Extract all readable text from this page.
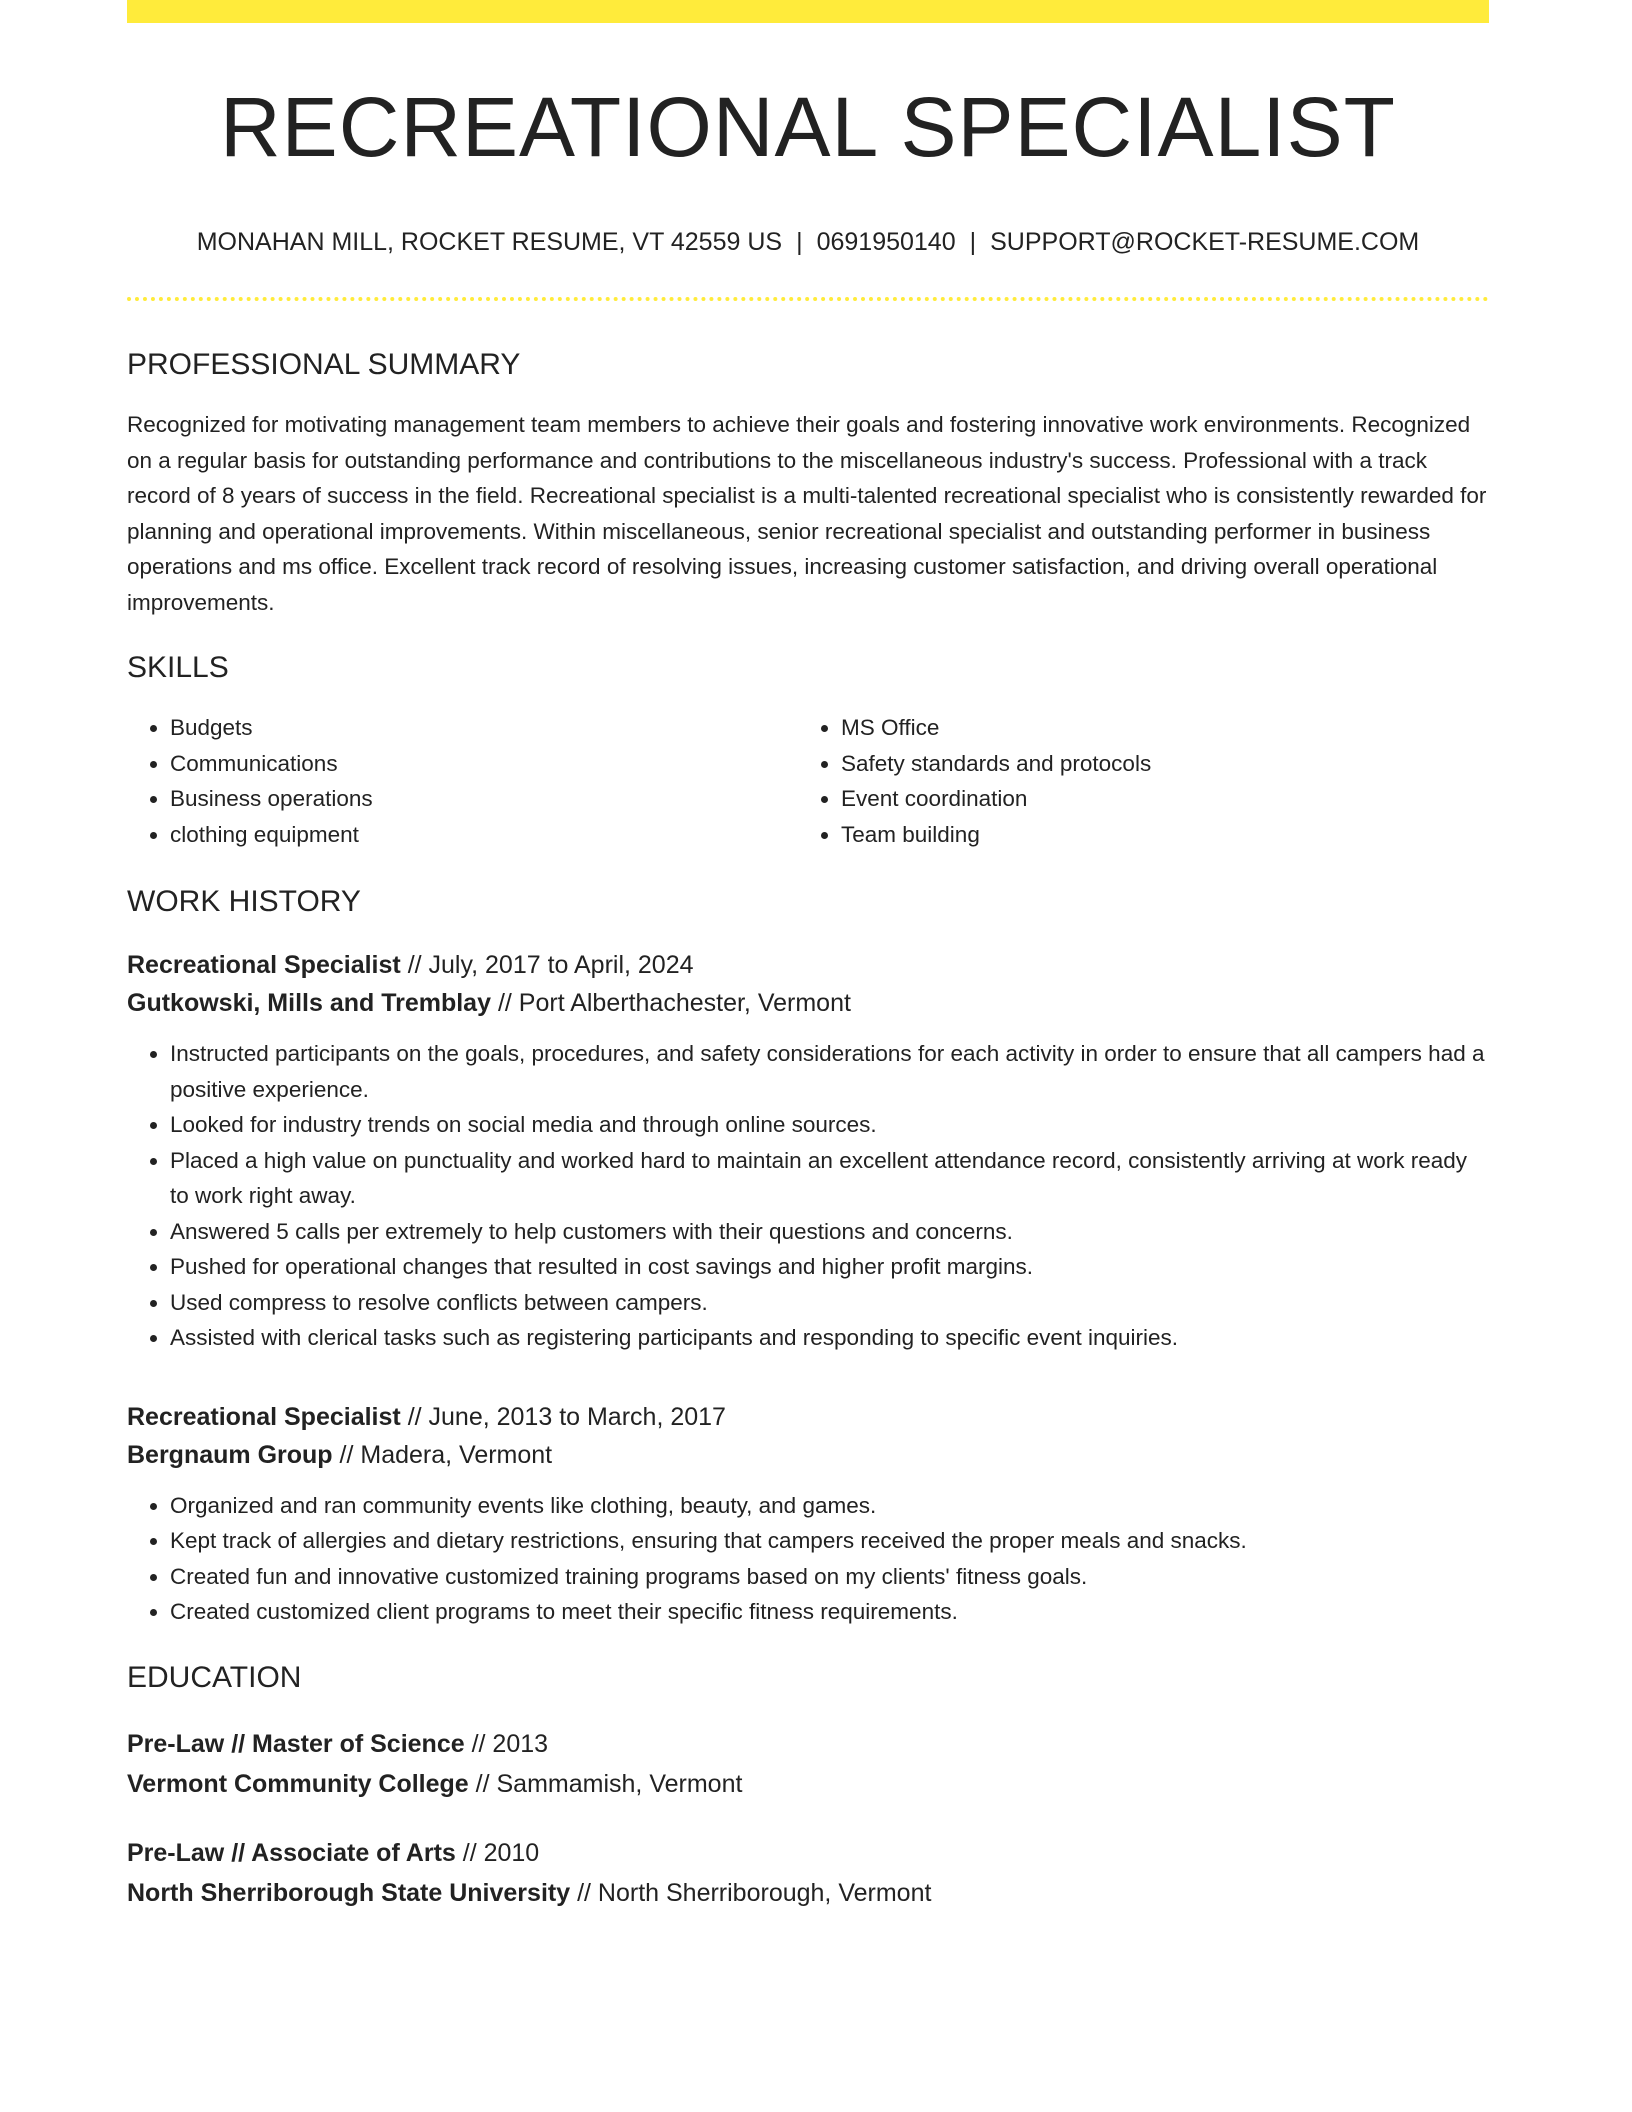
RECREATIONAL SPECIALIST
MONAHAN MILL, ROCKET RESUME, VT 42559 US | 0691950140 | SUPPORT@ROCKET-RESUME.COM
PROFESSIONAL SUMMARY
Recognized for motivating management team members to achieve their goals and fostering innovative work environments. Recognized on a regular basis for outstanding performance and contributions to the miscellaneous industry's success. Professional with a track record of 8 years of success in the field. Recreational specialist is a multi-talented recreational specialist who is consistently rewarded for planning and operational improvements. Within miscellaneous, senior recreational specialist and outstanding performer in business operations and ms office. Excellent track record of resolving issues, increasing customer satisfaction, and driving overall operational improvements.
SKILLS
• Budgets
• Communications
• Business operations
• clothing equipment
• MS Office
• Safety standards and protocols
• Event coordination
• Team building
WORK HISTORY
Recreational Specialist // July, 2017 to April, 2024
Gutkowski, Mills and Tremblay // Port Alberthachester, Vermont
• Instructed participants on the goals, procedures, and safety considerations for each activity in order to ensure that all campers had a positive experience.
• Looked for industry trends on social media and through online sources.
• Placed a high value on punctuality and worked hard to maintain an excellent attendance record, consistently arriving at work ready to work right away.
• Answered 5 calls per extremely to help customers with their questions and concerns.
• Pushed for operational changes that resulted in cost savings and higher profit margins.
• Used compress to resolve conflicts between campers.
• Assisted with clerical tasks such as registering participants and responding to specific event inquiries.
Recreational Specialist // June, 2013 to March, 2017
Bergnaum Group // Madera, Vermont
• Organized and ran community events like clothing, beauty, and games.
• Kept track of allergies and dietary restrictions, ensuring that campers received the proper meals and snacks.
• Created fun and innovative customized training programs based on my clients' fitness goals.
• Created customized client programs to meet their specific fitness requirements.
EDUCATION
Pre-Law // Master of Science // 2013
Vermont Community College // Sammamish, Vermont
Pre-Law // Associate of Arts // 2010
North Sherriborough State University // North Sherriborough, Vermont
